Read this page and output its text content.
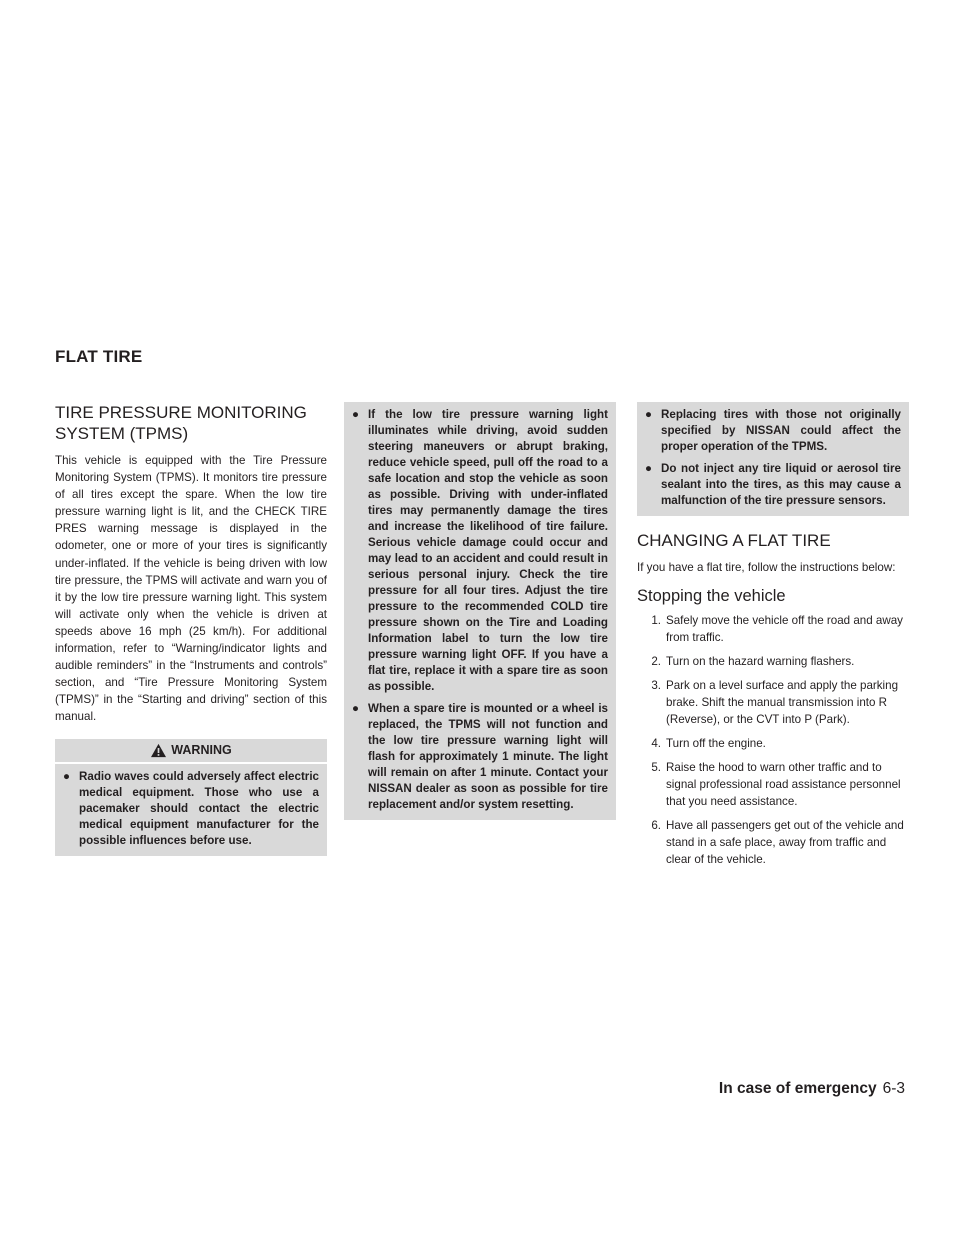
FLAT TIRE
TIRE PRESSURE MONITORING SYSTEM (TPMS)

This vehicle is equipped with the Tire Pressure Monitoring System (TPMS). It monitors tire pressure of all tires except the spare. When the low tire pressure warning light is lit, and the CHECK TIRE PRES warning message is displayed in the odometer, one or more of your tires is significantly under-inflated. If the vehicle is being driven with low tire pressure, the TPMS will activate and warn you of it by the low tire pressure warning light. This system will activate only when the vehicle is driven at speeds above 16 mph (25 km/h). For additional information, refer to “Warning/indicator lights and audible reminders” in the “Instruments and controls” section, and “Tire Pressure Monitoring System (TPMS)” in the “Starting and driving” section of this manual.

WARNING
● Radio waves could adversely affect electric medical equipment. Those who use a pacemaker should contact the electric medical equipment manufacturer for the possible influences before use.
● If the low tire pressure warning light illuminates while driving, avoid sudden steering maneuvers or abrupt braking, reduce vehicle speed, pull off the road to a safe location and stop the vehicle as soon as possible. Driving with under-inflated tires may permanently damage the tires and increase the likelihood of tire failure. Serious vehicle damage could occur and may lead to an accident and could result in serious personal injury. Check the tire pressure for all four tires. Adjust the tire pressure to the recommended COLD tire pressure shown on the Tire and Loading Information label to turn the low tire pressure warning light OFF. If you have a flat tire, replace it with a spare tire as soon as possible.
● When a spare tire is mounted or a wheel is replaced, the TPMS will not function and the low tire pressure warning light will flash for approximately 1 minute. The light will remain on after 1 minute. Contact your NISSAN dealer as soon as possible for tire replacement and/or system resetting.
● Replacing tires with those not originally specified by NISSAN could affect the proper operation of the TPMS.
● Do not inject any tire liquid or aerosol tire sealant into the tires, as this may cause a malfunction of the tire pressure sensors.
CHANGING A FLAT TIRE

If you have a flat tire, follow the instructions below:

Stopping the vehicle
1. Safely move the vehicle off the road and away from traffic.
2. Turn on the hazard warning flashers.
3. Park on a level surface and apply the parking brake. Shift the manual transmission into R (Reverse), or the CVT into P (Park).
4. Turn off the engine.
5. Raise the hood to warn other traffic and to signal professional road assistance personnel that you need assistance.
6. Have all passengers get out of the vehicle and stand in a safe place, away from traffic and clear of the vehicle.
In case of emergency 6-3
